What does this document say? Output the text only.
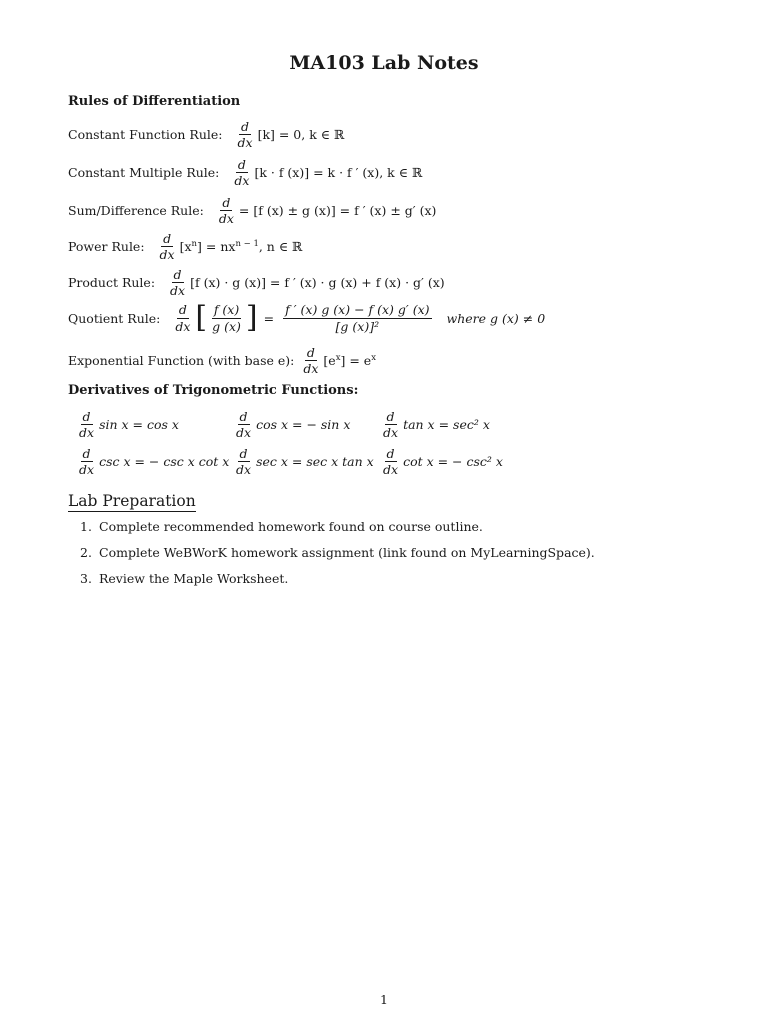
MA103 Lab Notes
Rules of Differentiation
Constant Function Rule: $\frac{d}{dx} [k] = 0$, k ∈ ℝ
Constant Multiple Rule: $\frac{d}{dx} [k \cdot f$ (x)] = k · f ′ (x), k ∈ ℝ
Sum/Difference Rule: $\frac{d}{dx} = [f$ (x) ± g (x)] = f ′ (x) ± g′ (x)
Power Rule: $\frac{d}{dx} [x^n] = nx^{n - 1}$, n ∈ ℝ
Product Rule: $\frac{d}{dx} [f$ (x) · g (x)] = f ′ (x) · g (x) + f (x) · g′ (x)
Quotient Rule: $\frac{d}{dx}$ [ $\frac{f (x)}{g (x)}$ ] = $\frac{f ' (x) g (x) - f (x) g' (x)}{\text{[g (x)]²}}$ where g (x) ≠ 0
Exponential Function (with base e): $\frac{d}{dx} [e^x] = e^x$
Derivatives of Trigonometric Functions:
$\frac{d}{dx}$ sin x = cos x	$\frac{d}{dx}$ cos x = − sin x $\frac{d}{dx}$ tan x = sec² x
$\frac{d}{dx}$ csc x = − csc x cot x $\frac{d}{dx}$ sec x = sec x tan x $\frac{d}{dx}$ cot x = − csc² x
Lab Preparation
1. Complete recommended homework found on course outline.
2. Complete WeBWorK homework assignment (link found on MyLearningSpace).
3. Review the Maple Worksheet.
1
